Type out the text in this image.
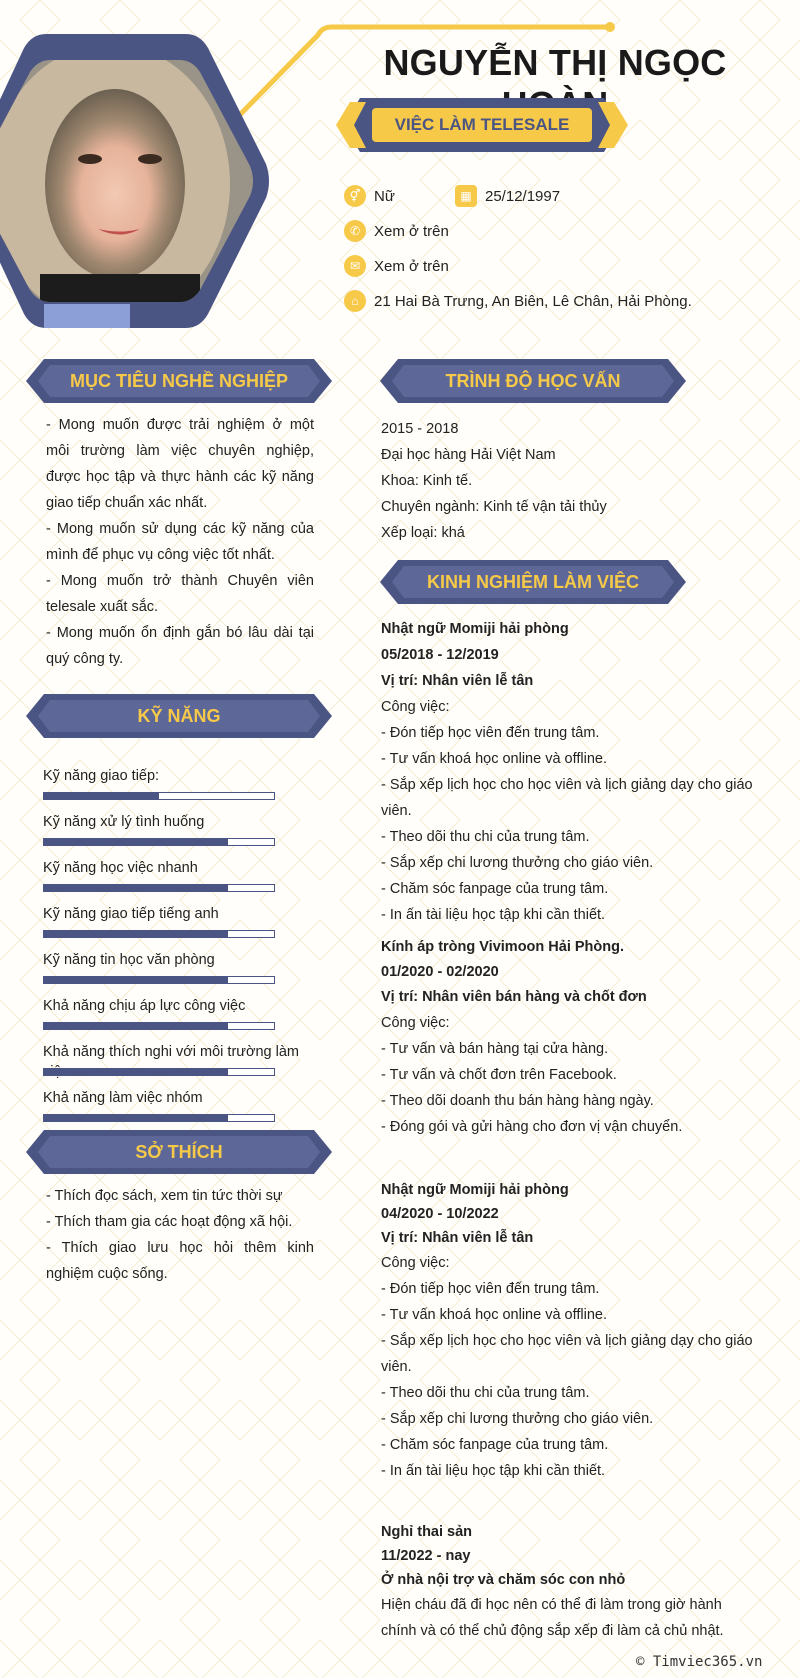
NGUYỄN THỊ NGỌC
VIỆC LÀM TELESALE
⚥ Nữ	▦ 25/12/1997
✆ Xem ở trên
✉ Xem ở trên
⌂	21 Hai Bà Trưng, An Biên, Lê Chân, Hải Phòng.
MỤC TIÊU NGHỀ NGHIỆP
- Mong muốn được trải nghiệm ở một môi trường làm việc chuyên nghiệp, được học tập và thực hành các kỹ năng giao tiếp chuẩn xác nhất.
- Mong muốn sử dụng các kỹ năng của mình để phục vụ công việc tốt nhất.
- Mong muốn trở thành Chuyên viên telesale xuất sắc.
- Mong muốn ổn định gắn bó lâu dài tại quý công ty.
KỸ NĂNG
Kỹ năng giao tiếp:
Kỹ năng xử lý tình huống
Kỹ năng học việc nhanh
Kỹ năng giao tiếp tiếng anh
Kỹ năng tin học văn phòng
Khả năng chịu áp lực công việc
Khả năng thích nghi với môi trường làm
Khả năng làm việc nhóm
SỞ THÍCH
- Thích đọc sách, xem tin tức thời sự
- Thích tham gia các hoạt động xã hội.
- Thích giao lưu học hỏi thêm kinh nghiệm cuộc sống.
TRÌNH ĐỘ HỌC VẤN
2015 - 2018
Đại học hàng Hải Việt Nam
Khoa: Kinh tế.
Chuyên ngành: Kinh tế vận tải thủy
Xếp loại: khá
KINH NGHIỆM LÀM VIỆC
Nhật ngữ Momiji hải phòng
05/2018 - 12/2019
Vị trí: Nhân viên lễ tân
Công việc:
- Đón tiếp học viên đến trung tâm.
- Tư vấn khoá học online và offline.
- Sắp xếp lịch học cho học viên và lịch giảng dạy cho giáo viên.
- Theo dõi thu chi của trung tâm.
- Sắp xếp chi lương thưởng cho giáo viên.
- Chăm sóc fanpage của trung tâm.
- In ấn tài liệu học tập khi cần thiết.
Kính áp tròng Vivimoon Hải Phòng.
01/2020 - 02/2020
Vị trí: Nhân viên bán hàng và chốt đơn
Công việc:
- Tư vấn và bán hàng tại cửa hàng.
- Tư vấn và chốt đơn trên Facebook.
- Theo dõi doanh thu bán hàng hàng ngày.
- Đóng gói và gửi hàng cho đơn vị vận chuyển.
Nhật ngữ Momiji hải phòng
04/2020 - 10/2022
Vị trí: Nhân viên lễ tân
Công việc:
- Đón tiếp học viên đến trung tâm.
- Tư vấn khoá học online và offline.
- Sắp xếp lịch học cho học viên và lịch giảng dạy cho giáo viên.
- Theo dõi thu chi của trung tâm.
- Sắp xếp chi lương thưởng cho giáo viên.
- Chăm sóc fanpage của trung tâm.
- In ấn tài liệu học tập khi cần thiết.
Nghỉ thai sản
11/2022 - nay
Ở nhà nội trợ và chăm sóc con nhỏ
Hiện cháu đã đi học nên có thể đi làm trong giờ hành chính và có thể chủ động sắp xếp đi làm cả chủ nhật.
© Timviec365.vn
